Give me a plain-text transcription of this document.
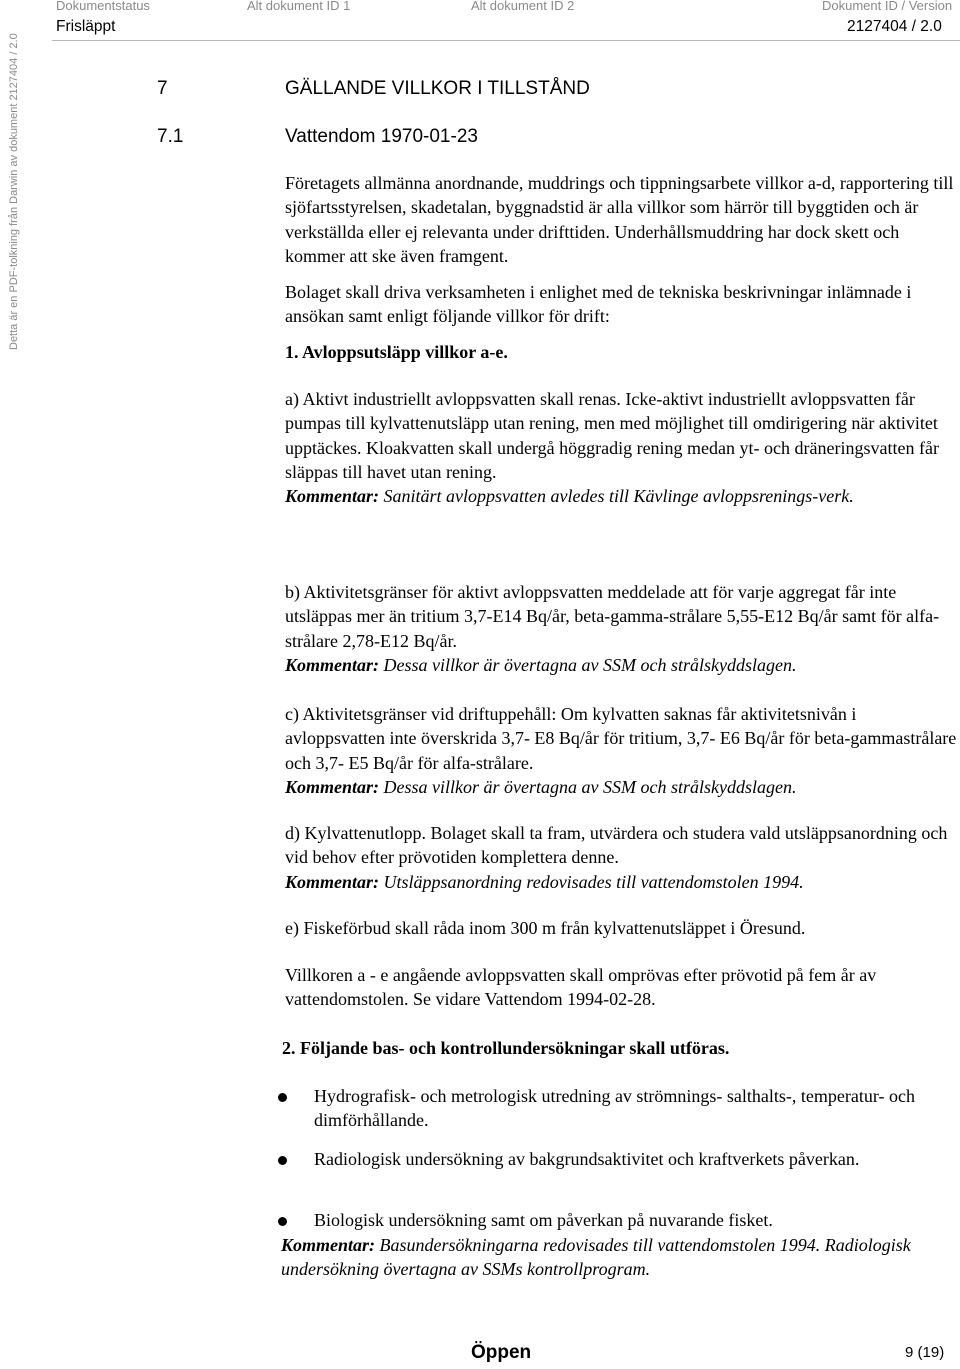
Dokumentstatus	Alt dokument ID 1	Alt dokument ID 2	Dokument ID / Version
Frisläppt	2127404 / 2.0
Detta är en PDF-tolkning från Darwin av dokument 2127404 / 2.0	7	GÄLLANDE VILLKOR I TILLSTÅND
7.1	Vattendom 1970-01-23

Företagets allmänna anordnande, muddrings och tippningsarbete villkor a-d, rapportering till sjöfartsstyrelsen, skadetalan, byggnadstid är alla villkor som härrör till byggtiden och är verkställda eller ej relevanta under drifttiden. Underhållsmuddring har dock skett och kommer att ske även framgent.

Bolaget skall driva verksamheten i enlighet med de tekniska beskrivningar inlämnade i ansökan samt enligt följande villkor för drift:

1. Avloppsutsläpp villkor a-e.

a) Aktivt industriellt avloppsvatten skall renas. Icke-aktivt industriellt avloppsvatten får pumpas till kylvattenutsläpp utan rening, men med möjlighet till omdirigering när aktivitet upptäckes. Kloakvatten skall undergå höggradig rening medan yt- och dräneringsvatten får släppas till havet utan rening.
Kommentar: Sanitärt avloppsvatten avledes till Kävlinge avloppsrenings-verk.

b) Aktivitetsgränser för aktivt avloppsvatten meddelade att för varje aggregat får inte utsläppas mer än tritium 3,7-E14 Bq/år, beta-gamma-strålare 5,55-E12 Bq/år samt för alfa-strålare 2,78-E12 Bq/år.
Kommentar: Dessa villkor är övertagna av SSM och strålskyddslagen.

c) Aktivitetsgränser vid driftuppehåll: Om kylvatten saknas får aktivitetsnivån i avloppsvatten inte överskrida 3,7- E8 Bq/år för tritium, 3,7- E6 Bq/år för beta-gammastrålare och 3,7- E5 Bq/år för alfa-strålare.
Kommentar: Dessa villkor är övertagna av SSM och strålskyddslagen.

d) Kylvattenutlopp. Bolaget skall ta fram, utvärdera och studera vald utsläppsanordning och vid behov efter prövotiden komplettera denne.
Kommentar: Utsläppsanordning redovisades till vattendomstolen 1994.

e) Fiskeförbud skall råda inom 300 m från kylvattenutsläppet i Öresund.

Villkoren a - e angående avloppsvatten skall omprövas efter prövotid på fem år av vattendomstolen. Se vidare Vattendom 1994-02-28.

2. Följande bas- och kontrollundersökningar skall utföras.

Hydrografisk- och metrologisk utredning av strömnings- salthalts-, temperatur- och dimförhållande.

Radiologisk undersökning av bakgrundsaktivitet och kraftverkets påverkan.

Biologisk undersökning samt om påverkan på nuvarande fisket.

Kommentar: Basundersökningarna redovisades till vattendomstolen 1994. Radiologisk undersökning övertagna av SSMs kontrollprogram.

Öppen	9 (19)
